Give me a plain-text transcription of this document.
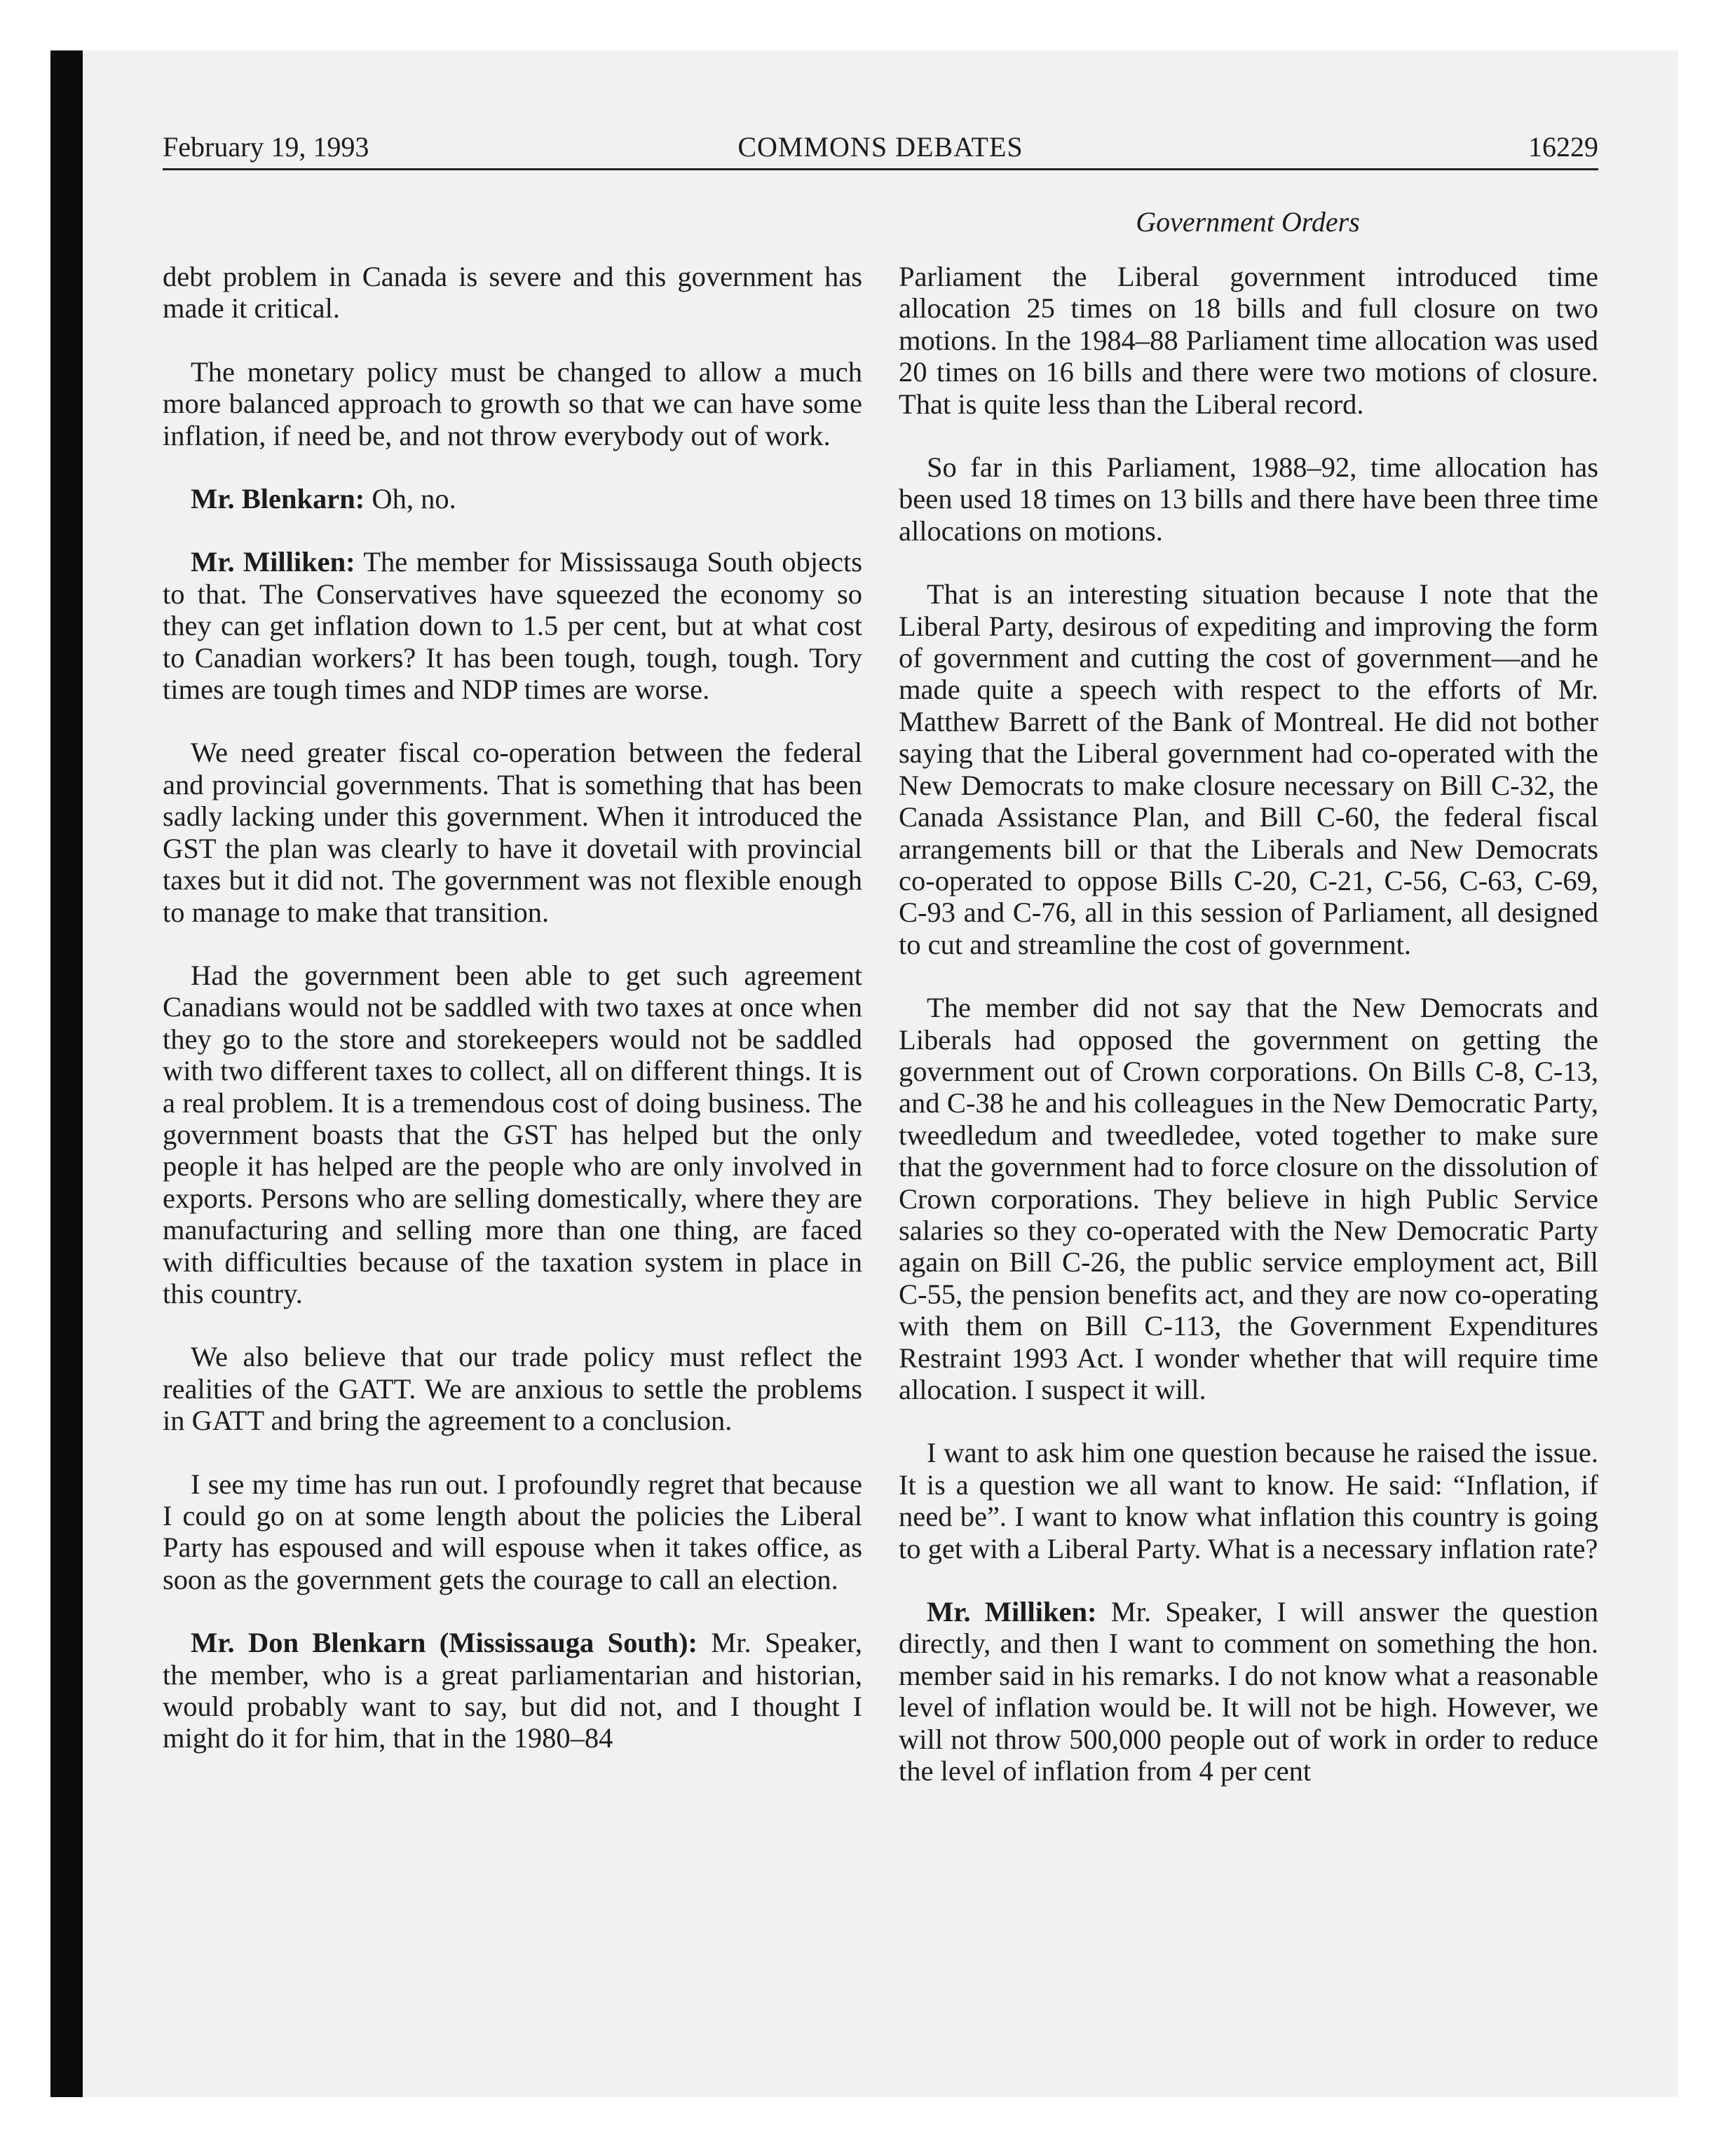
February 19, 1993	COMMONS DEBATES	16229
Government Orders

debt problem in Canada is severe and this government has made it critical.

The monetary policy must be changed to allow a much more balanced approach to growth so that we can have some inflation, if need be, and not throw everybody out of work.

Mr. Blenkarn: Oh, no.

Mr. Milliken: The member for Mississauga South objects to that. The Conservatives have squeezed the economy so they can get inflation down to 1.5 per cent, but at what cost to Canadian workers? It has been tough, tough, tough. Tory times are tough times and NDP times are worse.

We need greater fiscal co-operation between the federal and provincial governments. That is something that has been sadly lacking under this government. When it introduced the GST the plan was clearly to have it dovetail with provincial taxes but it did not. The government was not flexible enough to manage to make that transition.

Had the government been able to get such agreement Canadians would not be saddled with two taxes at once when they go to the store and storekeepers would not be saddled with two different taxes to collect, all on different things. It is a real problem. It is a tremendous cost of doing business. The government boasts that the GST has helped but the only people it has helped are the people who are only involved in exports. Persons who are selling domestically, where they are manufacturing and selling more than one thing, are faced with difficulties because of the taxation system in place in this country.

We also believe that our trade policy must reflect the realities of the GATT. We are anxious to settle the problems in GATT and bring the agreement to a conclusion.

I see my time has run out. I profoundly regret that because I could go on at some length about the policies the Liberal Party has espoused and will espouse when it takes office, as soon as the government gets the courage to call an election.

Mr. Don Blenkarn (Mississauga South): Mr. Speaker, the member, who is a great parliamentarian and historian, would probably want to say, but did not, and I thought I might do it for him, that in the 1980–84

Parliament the Liberal government introduced time allocation 25 times on 18 bills and full closure on two motions. In the 1984–88 Parliament time allocation was used 20 times on 16 bills and there were two motions of closure. That is quite less than the Liberal record.

So far in this Parliament, 1988–92, time allocation has been used 18 times on 13 bills and there have been three time allocations on motions.

That is an interesting situation because I note that the Liberal Party, desirous of expediting and improving the form of government and cutting the cost of government—and he made quite a speech with respect to the efforts of Mr. Matthew Barrett of the Bank of Montreal. He did not bother saying that the Liberal government had co-operated with the New Democrats to make closure necessary on Bill C-32, the Canada Assistance Plan, and Bill C-60, the federal fiscal arrangements bill or that the Liberals and New Democrats co-operated to oppose Bills C-20, C-21, C-56, C-63, C-69, C-93 and C-76, all in this session of Parliament, all designed to cut and streamline the cost of government.

The member did not say that the New Democrats and Liberals had opposed the government on getting the government out of Crown corporations. On Bills C-8, C-13, and C-38 he and his colleagues in the New Democratic Party, tweedledum and tweedledee, voted together to make sure that the government had to force closure on the dissolution of Crown corporations. They believe in high Public Service salaries so they co-operated with the New Democratic Party again on Bill C-26, the public service employment act, Bill C-55, the pension benefits act, and they are now co-operating with them on Bill C-113, the Government Expenditures Restraint 1993 Act. I wonder whether that will require time allocation. I suspect it will.

I want to ask him one question because he raised the issue. It is a question we all want to know. He said: “Inflation, if need be”. I want to know what inflation this country is going to get with a Liberal Party. What is a necessary inflation rate?

Mr. Milliken: Mr. Speaker, I will answer the question directly, and then I want to comment on something the hon. member said in his remarks. I do not know what a reasonable level of inflation would be. It will not be high. However, we will not throw 500,000 people out of work in order to reduce the level of inflation from 4 per cent
